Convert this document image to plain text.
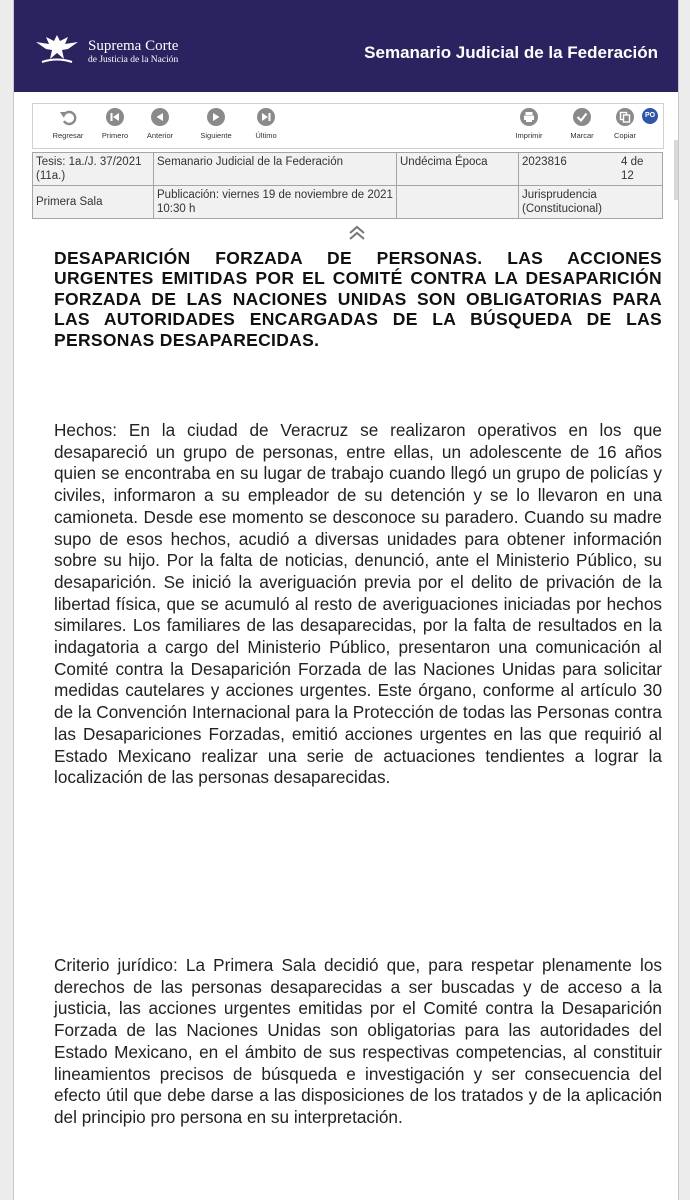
Suprema Corte
de Justicia de la Nación	Semanario Judicial de la Federación
Regresar	Primero	Anterior	Siguiente	Último	Imprimir	Marcar	Copiar
PO
Tesis: 1a./J. 37/2021 (11a.)	Semanario Judicial de la Federación	Undécima Época	2023816 4 de 12

Primera Sala	Publicación: viernes 19 de noviembre de 2021 10:30 h		Jurisprudencia (Constitucional)
DESAPARICIÓN FORZADA DE PERSONAS. LAS ACCIONES URGENTES EMITIDAS POR EL COMITÉ CONTRA LA DESAPARICIÓN FORZADA DE LAS NACIONES UNIDAS SON OBLIGATORIAS PARA LAS AUTORIDADES ENCARGADAS DE LA BÚSQUEDA DE LAS PERSONAS DESAPARECIDAS.

Hechos: En la ciudad de Veracruz se realizaron operativos en los que desapareció un grupo de personas, entre ellas, un adolescente de 16 años quien se encontraba en su lugar de trabajo cuando llegó un grupo de policías y civiles, informaron a su empleador de su detención y se lo llevaron en una camioneta. Desde ese momento se desconoce su paradero. Cuando su madre supo de esos hechos, acudió a diversas unidades para obtener información sobre su hijo. Por la falta de noticias, denunció, ante el Ministerio Público, su desaparición. Se inició la averiguación previa por el delito de privación de la libertad física, que se acumuló al resto de averiguaciones iniciadas por hechos similares. Los familiares de las desaparecidas, por la falta de resultados en la indagatoria a cargo del Ministerio Público, presentaron una comunicación al Comité contra la Desaparición Forzada de las Naciones Unidas para solicitar medidas cautelares y acciones urgentes. Este órgano, conforme al artículo 30 de la Convención Internacional para la Protección de todas las Personas contra las Desapariciones Forzadas, emitió acciones urgentes en las que requirió al Estado Mexicano realizar una serie de actuaciones tendientes a lograr la localización de las personas desaparecidas.

Criterio jurídico: La Primera Sala decidió que, para respetar plenamente los derechos de las personas desaparecidas a ser buscadas y de acceso a la justicia, las acciones urgentes emitidas por el Comité contra la Desaparición Forzada de las Naciones Unidas son obligatorias para las autoridades del Estado Mexicano, en el ámbito de sus respectivas competencias, al constituir lineamientos precisos de búsqueda e investigación y ser consecuencia del efecto útil que debe darse a las disposiciones de los tratados y de la aplicación del principio pro persona en su interpretación.
